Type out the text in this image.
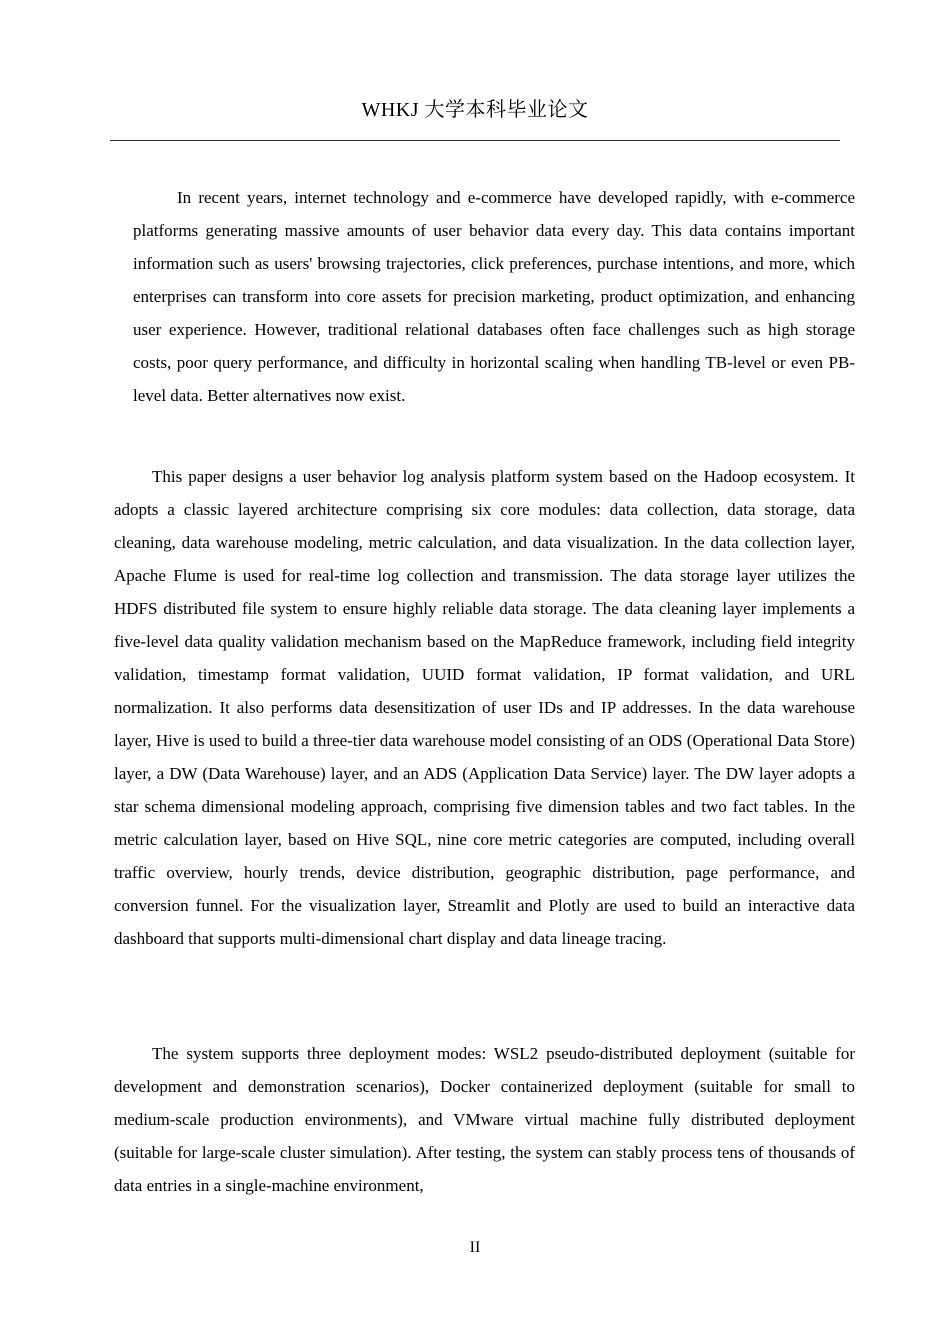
WHKJ 大学本科毕业论文

In recent years, internet technology and e-commerce have developed rapidly, with e-commerce platforms generating massive amounts of user behavior data every day. This data contains important information such as users' browsing trajectories, click preferences, purchase intentions, and more, which enterprises can transform into core assets for precision marketing, product optimization, and enhancing user experience. However, traditional relational databases often face challenges such as high storage costs, poor query performance, and difficulty in horizontal scaling when handling TB-level or even PB-level data. Better alternatives now exist.

This paper designs a user behavior log analysis platform system based on the Hadoop ecosystem. It adopts a classic layered architecture comprising six core modules: data collection, data storage, data cleaning, data warehouse modeling, metric calculation, and data visualization. In the data collection layer, Apache Flume is used for real-time log collection and transmission. The data storage layer utilizes the HDFS distributed file system to ensure highly reliable data storage. The data cleaning layer implements a five-level data quality validation mechanism based on the MapReduce framework, including field integrity validation, timestamp format validation, UUID format validation, IP format validation, and URL normalization. It also performs data desensitization of user IDs and IP addresses. In the data warehouse layer, Hive is used to build a three-tier data warehouse model consisting of an ODS (Operational Data Store) layer, a DW (Data Warehouse) layer, and an ADS (Application Data Service) layer. The DW layer adopts a star schema dimensional modeling approach, comprising five dimension tables and two fact tables. In the metric calculation layer, based on Hive SQL, nine core metric categories are computed, including overall traffic overview, hourly trends, device distribution, geographic distribution, page performance, and conversion funnel. For the visualization layer, Streamlit and Plotly are used to build an interactive data dashboard that supports multi-dimensional chart display and data lineage tracing.

The system supports three deployment modes: WSL2 pseudo-distributed deployment (suitable for development and demonstration scenarios), Docker containerized deployment (suitable for small to medium-scale production environments), and VMware virtual machine fully distributed deployment (suitable for large-scale cluster simulation). After testing, the system can stably process tens of thousands of data entries in a single-machine environment,

II
